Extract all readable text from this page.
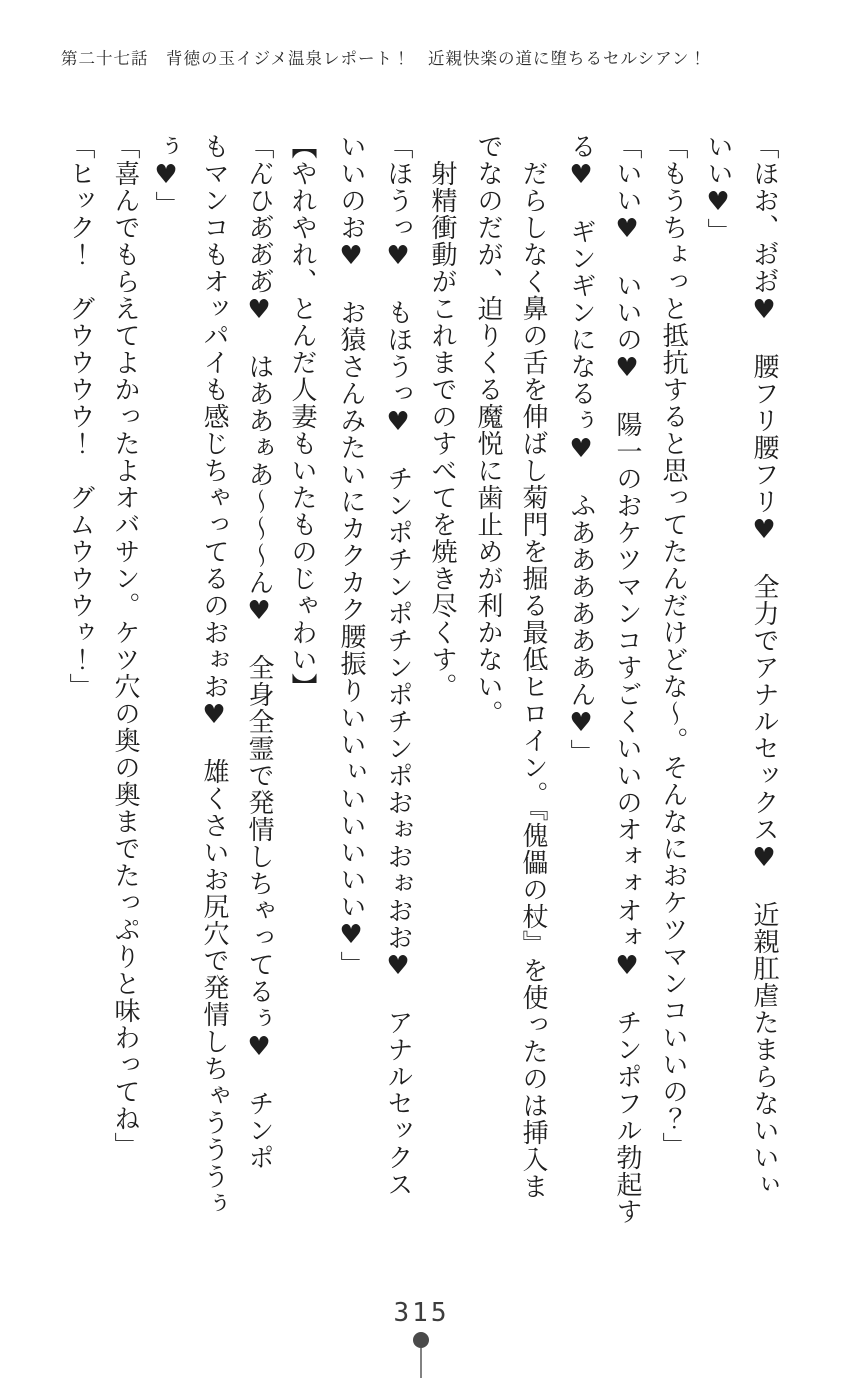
第二十七話　背徳の玉イジメ温泉レポート！　近親快楽の道に堕ちるセルシアン！
「ほお、お゙お゙♥　腰フリ腰フリ♥　全力でアナルセックス♥　近親肛虐たまらないいぃ
いい♥」
「もうちょっと抵抗すると思ってたんだけどな〜。そんなにおケツマンコいいの？」
「いい♥　いいの♥　陽一のおケツマンコすごくいいのオォォオォ♥　チンポフル勃起す
る♥　ギンギンになるぅ♥　ふああああああん♥」
　だらしなく鼻の舌を伸ばし菊門を掘る最低ヒロイン。『傀儡の杖』を使ったのは挿入ま
でなのだが、迫りくる魔悦に歯止めが利かない。
　射精衝動がこれまでのすべてを焼き尽くす。
「ほうっ♥　もほうっ♥　チンポチンポチンポチンポおぉおぉおお♥　アナルセックス
いいのお♥　お猿さんみたいにカクカク腰振りいいぃいいいいい♥」
【やれやれ、とんだ人妻もいたものじゃわい】
「ん゙ひあ゙あ゙あ゙♥　はああぁあ〜〜〜ん♥　全身全霊で発情しちゃってるぅ♥　チンポ
もマンコもオッパイも感じちゃってるのおぉお♥　雄くさいお尻穴で発情しちゃうううぅ
ぅ♥」
「喜んでもらえてよかったよオバサン。ケツ穴の奥の奥までたっぷりと味わってね」
「ヒック！　グウウウウ！　グムウウウゥ！」
315
